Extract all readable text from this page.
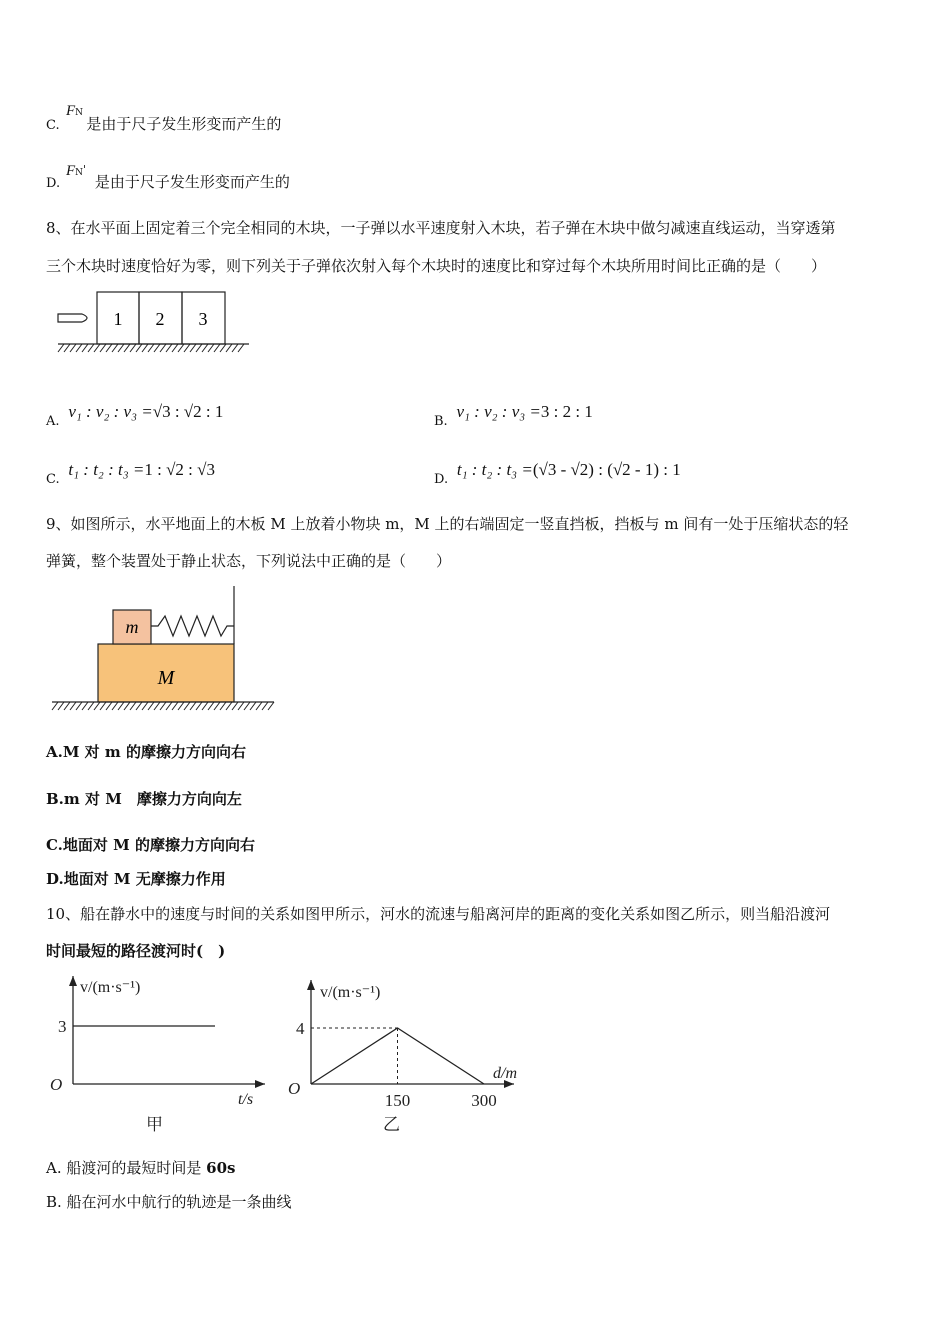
C.
FN
是由于尺子发生形变而产生的
D.
FN'
是由于尺子发生形变而产生的
8、在水平面上固定着三个完全相同的木块，一子弹以水平速度射入木块，若子弹在木块中做匀减速直线运动，当穿透第
三个木块时速度恰好为零，则下列关于子弹依次射入每个木块时的速度比和穿过每个木块所用时间比正确的是（　　）
1 2 3
A. v₁ : v₂ : v₃ =√3 : √2 : 1
B. v₁ : v₂ : v₃ =3 : 2 : 1
C. t₁ : t₂ : t₃ =1 : √2 : √3
D. t₁ : t₂ : t₃ =(√3 - √2) : (√2 - 1) : 1
9、如图所示，水平地面上的木板 M 上放着小物块 m，M 上的右端固定一竖直挡板，挡板与 m 间有一处于压缩状态的轻
弹簧，整个装置处于静止状态，下列说法中正确的是（　　）
m
M
A.M 对 m 的摩擦力方向向右
B.m 对 M　摩擦力方向向左
C.地面对 M 的摩擦力方向向右
D.地面对 M 无摩擦力作用
10、船在静水中的速度与时间的关系如图甲所示，河水的流速与船离河岸的距离的变化关系如图乙所示，则当船沿渡河
时间最短的路径渡河时(　)
3
O
v/(m·s⁻¹)
t/s
甲
4
O
150	300
v/(m·s⁻¹)
d/m
乙
A. 船渡河的最短时间是 60s
B. 船在河水中航行的轨迹是一条曲线
